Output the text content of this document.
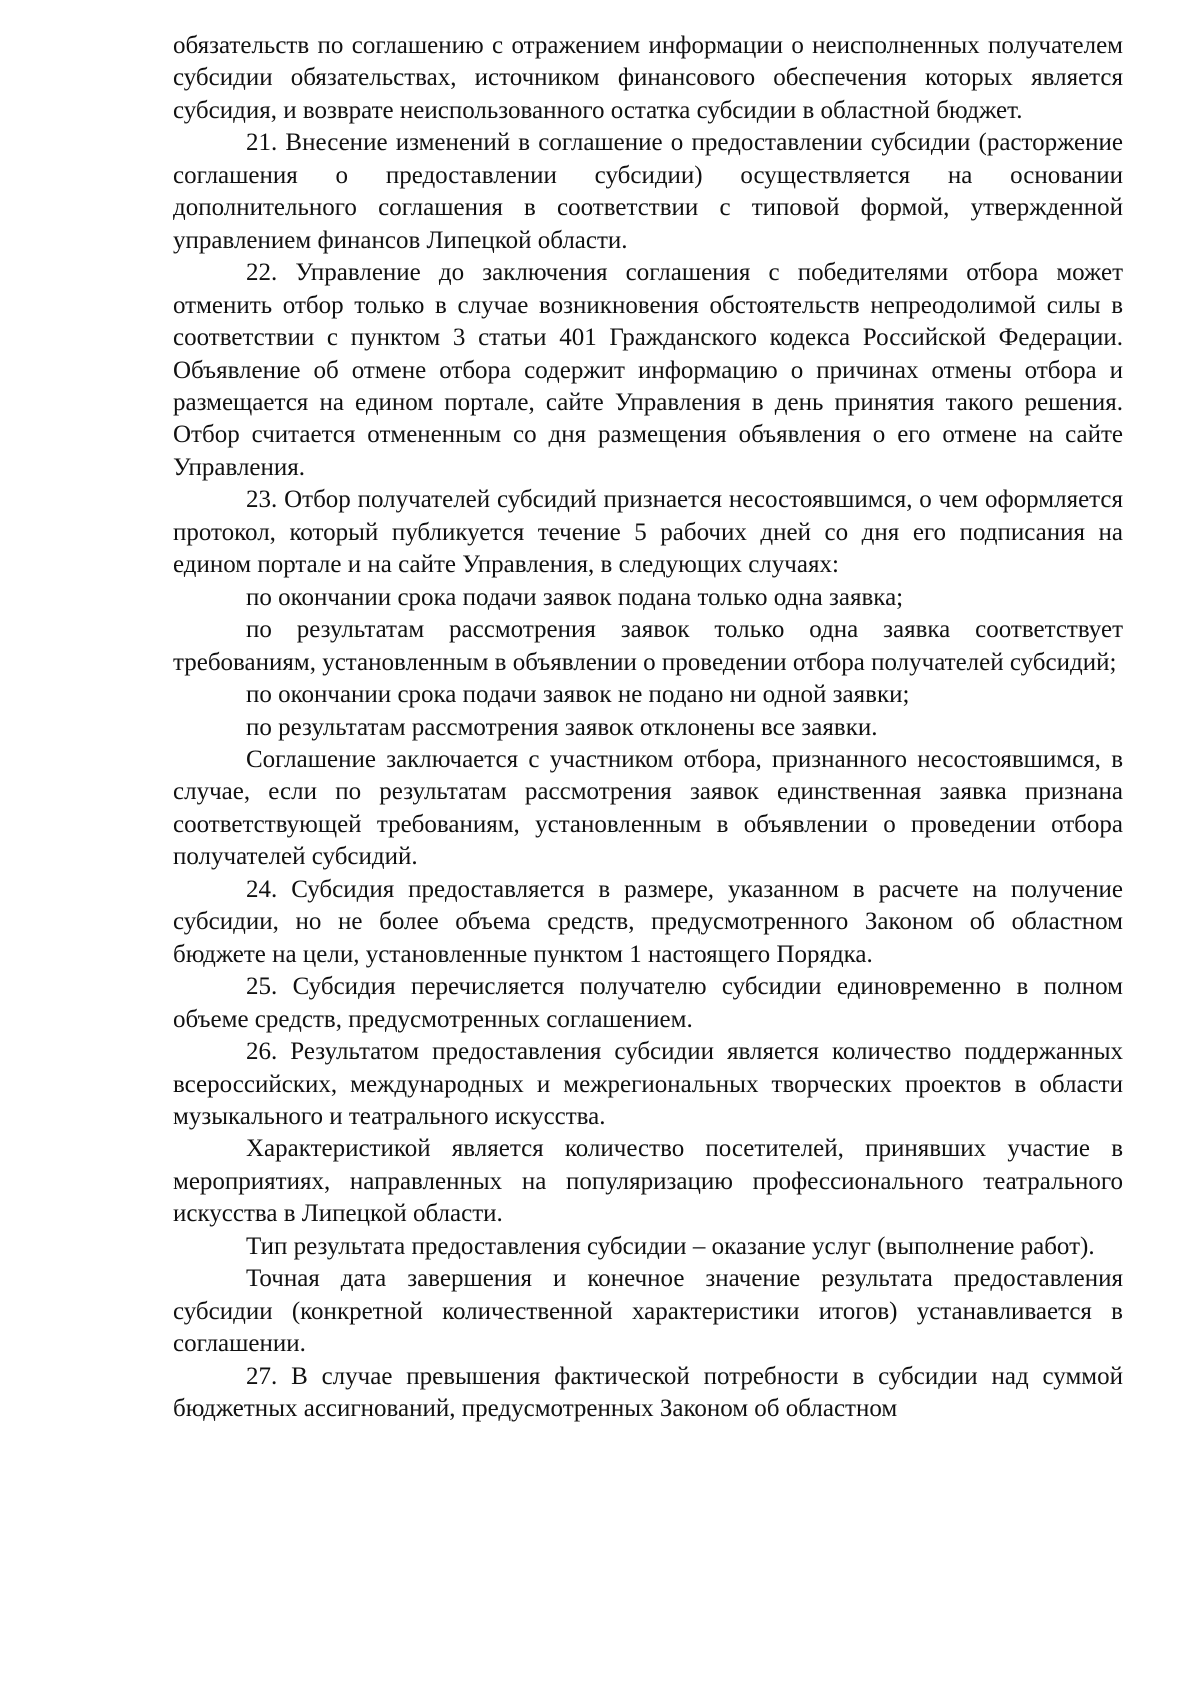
обязательств по соглашению с отражением информации о неисполненных получателем субсидии обязательствах, источником финансового обеспечения которых является субсидия, и возврате неиспользованного остатка субсидии в областной бюджет.

21. Внесение изменений в соглашение о предоставлении субсидии (расторжение соглашения о предоставлении субсидии) осуществляется на основании дополнительного соглашения в соответствии с типовой формой, утвержденной управлением финансов Липецкой области.

22. Управление до заключения соглашения с победителями отбора может отменить отбор только в случае возникновения обстоятельств непреодолимой силы в соответствии с пунктом 3 статьи 401 Гражданского кодекса Российской Федерации. Объявление об отмене отбора содержит информацию о причинах отмены отбора и размещается на едином портале, сайте Управления в день принятия такого решения. Отбор считается отмененным со дня размещения объявления о его отмене на сайте Управления.

23. Отбор получателей субсидий признается несостоявшимся, о чем оформляется протокол, который публикуется течение 5 рабочих дней со дня его подписания на едином портале и на сайте Управления, в следующих случаях:

по окончании срока подачи заявок подана только одна заявка;

по результатам рассмотрения заявок только одна заявка соответствует требованиям, установленным в объявлении о проведении отбора получателей субсидий;

по окончании срока подачи заявок не подано ни одной заявки;

по результатам рассмотрения заявок отклонены все заявки.

Соглашение заключается с участником отбора, признанного несостоявшимся, в случае, если по результатам рассмотрения заявок единственная заявка признана соответствующей требованиям, установленным в объявлении о проведении отбора получателей субсидий.

24. Субсидия предоставляется в размере, указанном в расчете на получение субсидии, но не более объема средств, предусмотренного Законом об областном бюджете на цели, установленные пунктом 1 настоящего Порядка.

25. Субсидия перечисляется получателю субсидии единовременно в полном объеме средств, предусмотренных соглашением.

26. Результатом предоставления субсидии является количество поддержанных всероссийских, международных и межрегиональных творческих проектов в области музыкального и театрального искусства.

Характеристикой является количество посетителей, принявших участие в мероприятиях, направленных на популяризацию профессионального театрального искусства в Липецкой области.

Тип результата предоставления субсидии – оказание услуг (выполнение работ).

Точная дата завершения и конечное значение результата предоставления субсидии (конкретной количественной характеристики итогов) устанавливается в соглашении.

27. В случае превышения фактической потребности в субсидии над суммой бюджетных ассигнований, предусмотренных Законом об областном
